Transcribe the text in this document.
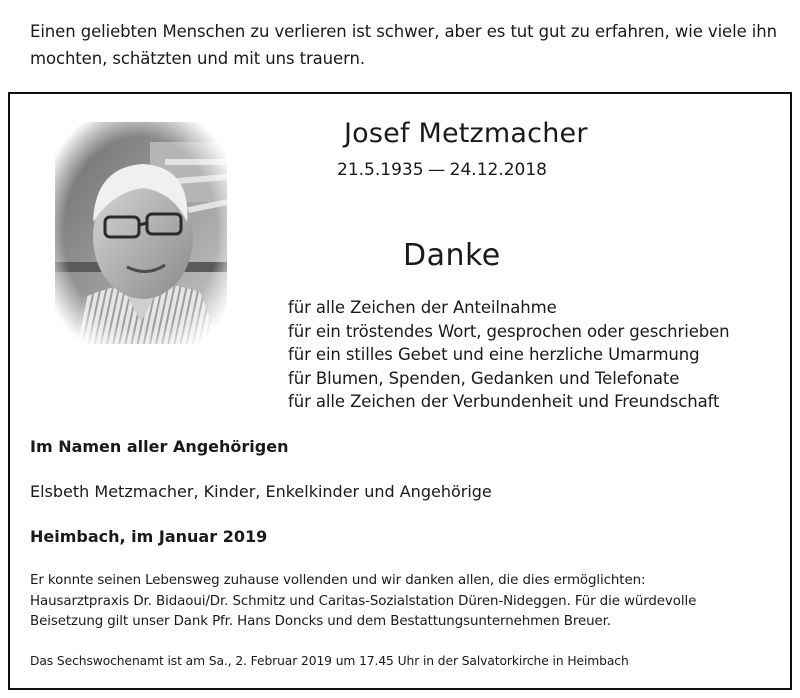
Einen geliebten Menschen zu verlieren ist schwer, aber es tut gut zu erfahren, wie viele ihn
mochten, schätzten und mit uns trauern.
Josef Metzmacher
21.5.1935 — 24.12.2018
Danke
für alle Zeichen der Anteilnahme
für ein tröstendes Wort, gesprochen oder geschrieben
für ein stilles Gebet und eine herzliche Umarmung
für Blumen, Spenden, Gedanken und Telefonate
für alle Zeichen der Verbundenheit und Freundschaft
Im Namen aller Angehörigen
Elsbeth Metzmacher, Kinder, Enkelkinder und Angehörige
Heimbach, im Januar 2019
Er konnte seinen Lebensweg zuhause vollenden und wir danken allen, die dies ermöglichten:
Hausarztpraxis Dr. Bidaoui/Dr. Schmitz und Caritas-Sozialstation Düren-Nideggen. Für die würdevolle
Beisetzung gilt unser Dank Pfr. Hans Doncks und dem Bestattungsunternehmen Breuer.
Das Sechswochenamt ist am Sa., 2. Februar 2019 um 17.45 Uhr in der Salvatorkirche in Heimbach
